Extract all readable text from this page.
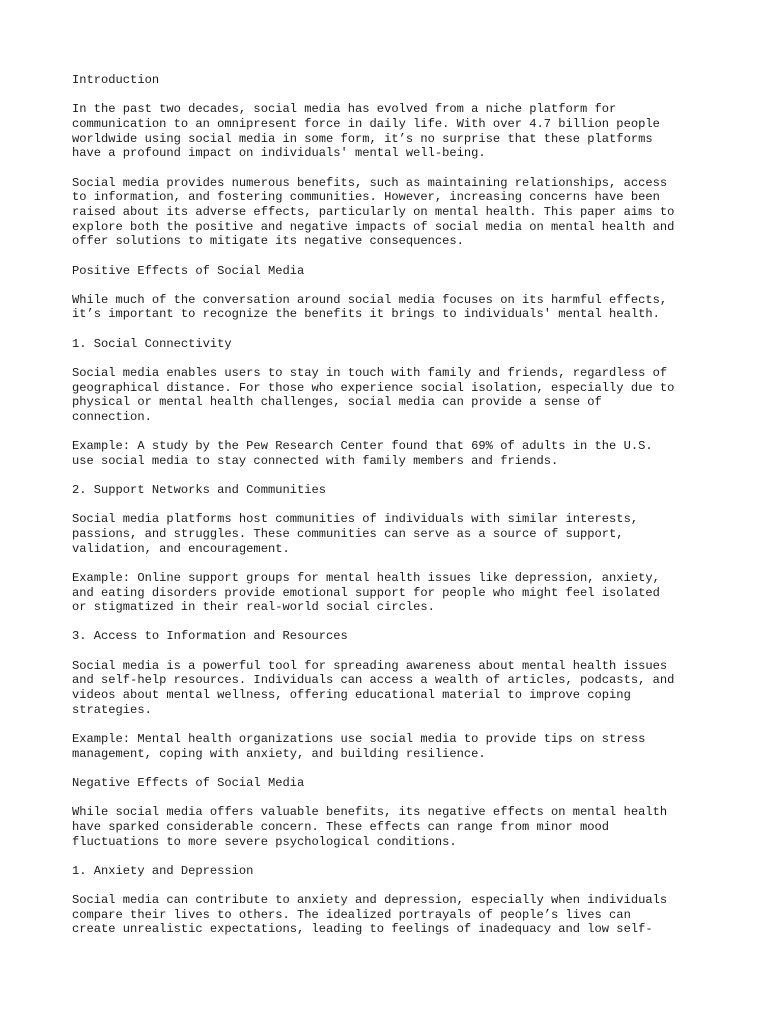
Introduction
In the past two decades, social media has evolved from a niche platform for
communication to an omnipresent force in daily life. With over 4.7 billion people
worldwide using social media in some form, it’s no surprise that these platforms
have a profound impact on individuals' mental well-being.
Social media provides numerous benefits, such as maintaining relationships, access
to information, and fostering communities. However, increasing concerns have been
raised about its adverse effects, particularly on mental health. This paper aims to
explore both the positive and negative impacts of social media on mental health and
offer solutions to mitigate its negative consequences.
Positive Effects of Social Media
While much of the conversation around social media focuses on its harmful effects,
it’s important to recognize the benefits it brings to individuals' mental health.
1. Social Connectivity
Social media enables users to stay in touch with family and friends, regardless of
geographical distance. For those who experience social isolation, especially due to
physical or mental health challenges, social media can provide a sense of
connection.
Example: A study by the Pew Research Center found that 69% of adults in the U.S.
use social media to stay connected with family members and friends.
2. Support Networks and Communities
Social media platforms host communities of individuals with similar interests,
passions, and struggles. These communities can serve as a source of support,
validation, and encouragement.
Example: Online support groups for mental health issues like depression, anxiety,
and eating disorders provide emotional support for people who might feel isolated
or stigmatized in their real-world social circles.
3. Access to Information and Resources
Social media is a powerful tool for spreading awareness about mental health issues
and self-help resources. Individuals can access a wealth of articles, podcasts, and
videos about mental wellness, offering educational material to improve coping
strategies.
Example: Mental health organizations use social media to provide tips on stress
management, coping with anxiety, and building resilience.
Negative Effects of Social Media
While social media offers valuable benefits, its negative effects on mental health
have sparked considerable concern. These effects can range from minor mood
fluctuations to more severe psychological conditions.
1. Anxiety and Depression
Social media can contribute to anxiety and depression, especially when individuals
compare their lives to others. The idealized portrayals of people’s lives can
create unrealistic expectations, leading to feelings of inadequacy and low self-
